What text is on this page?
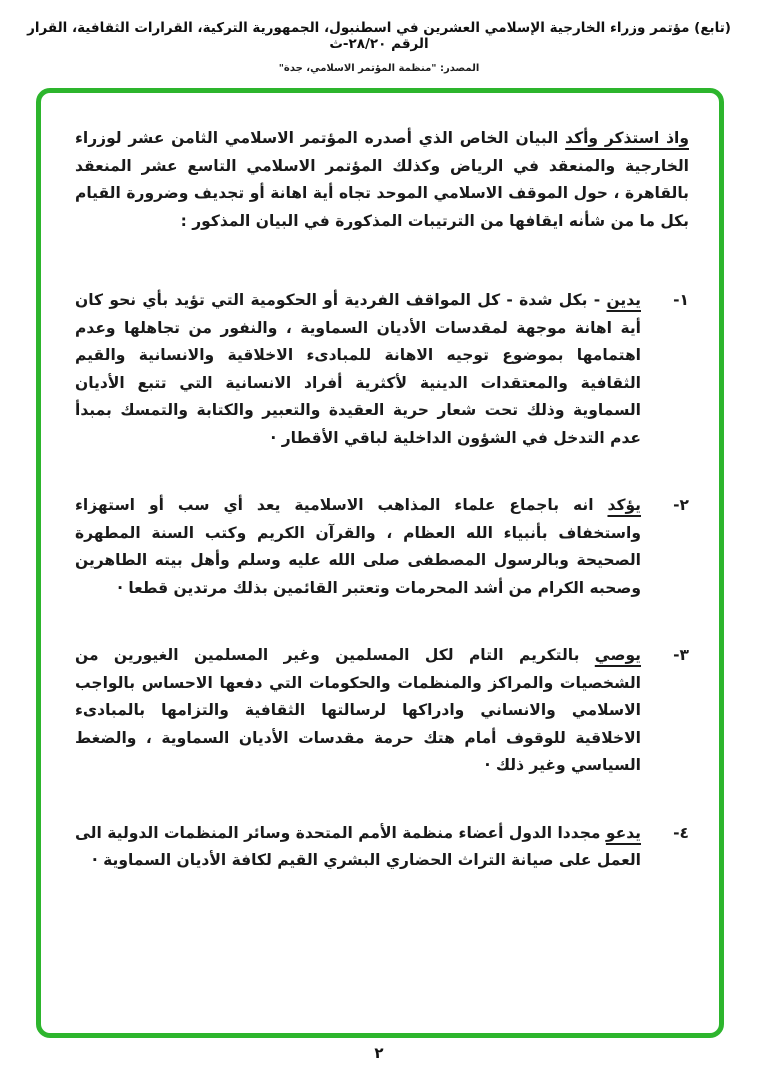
(تابع) مؤتمر وزراء الخارجية الإسلامي العشرين في اسطنبول، الجمهورية التركية، القرارات الثقافية، القرار الرقم ٢٨/٢٠-ث
المصدر: "منظمة المؤتمر الاسلامي، جدة"

واذ استذكر وأكد البيان الخاص الذي أصدره المؤتمر الاسلامي الثامن عشر لوزراء الخارجية والمنعقد في الرياض وكذلك المؤتمر الاسلامي التاسع عشر المنعقد بالقاهرة ، حول الموقف الاسلامي الموحد تجاه أية اهانة أو تجديف وضرورة القيام بكل ما من شأنه ايقافها من الترتيبات المذكورة في البيان المذكور :

١-

يدين - بكل شدة - كل المواقف الفردية أو الحكومية التي تؤيد بأي نحو كان أية اهانة موجهة لمقدسات الأديان السماوية ، والنفور من تجاهلها وعدم اهتمامها بموضوع توجيه الاهانة للمبادىء الاخلاقية والانسانية والقيم الثقافية والمعتقدات الدينية لأكثرية أفراد الانسانية التي تتبع الأديان السماوية وذلك تحت شعار حرية العقيدة والتعبير والكتابة والتمسك بمبدأ عدم التدخل في الشؤون الداخلية لباقي الأقطار ·

٢-

يؤكد انه باجماع علماء المذاهب الاسلامية يعد أي سب أو استهزاء واستخفاف بأنبياء الله العظام ، والقرآن الكريم وكتب السنة المطهرة الصحيحة وبالرسول المصطفى صلى الله عليه وسلم وأهل بيته الطاهرين وصحبه الكرام من أشد المحرمات وتعتبر القائمين بذلك مرتدين قطعا ·

٣-

يوصي بالتكريم التام لكل المسلمين وغير المسلمين الغيورين من الشخصيات والمراكز والمنظمات والحكومات التي دفعها الاحساس بالواجب الاسلامي والانساني وادراكها لرسالتها الثقافية والتزامها بالمبادىء الاخلاقية للوقوف أمام هتك حرمة مقدسات الأديان السماوية ، والضغط السياسي وغير ذلك ·

٤-

يدعو مجددا الدول أعضاء منظمة الأمم المتحدة وسائر المنظمات الدولية الى العمل على صيانة التراث الحضاري البشري القيم لكافة الأديان السماوية ·

٢
